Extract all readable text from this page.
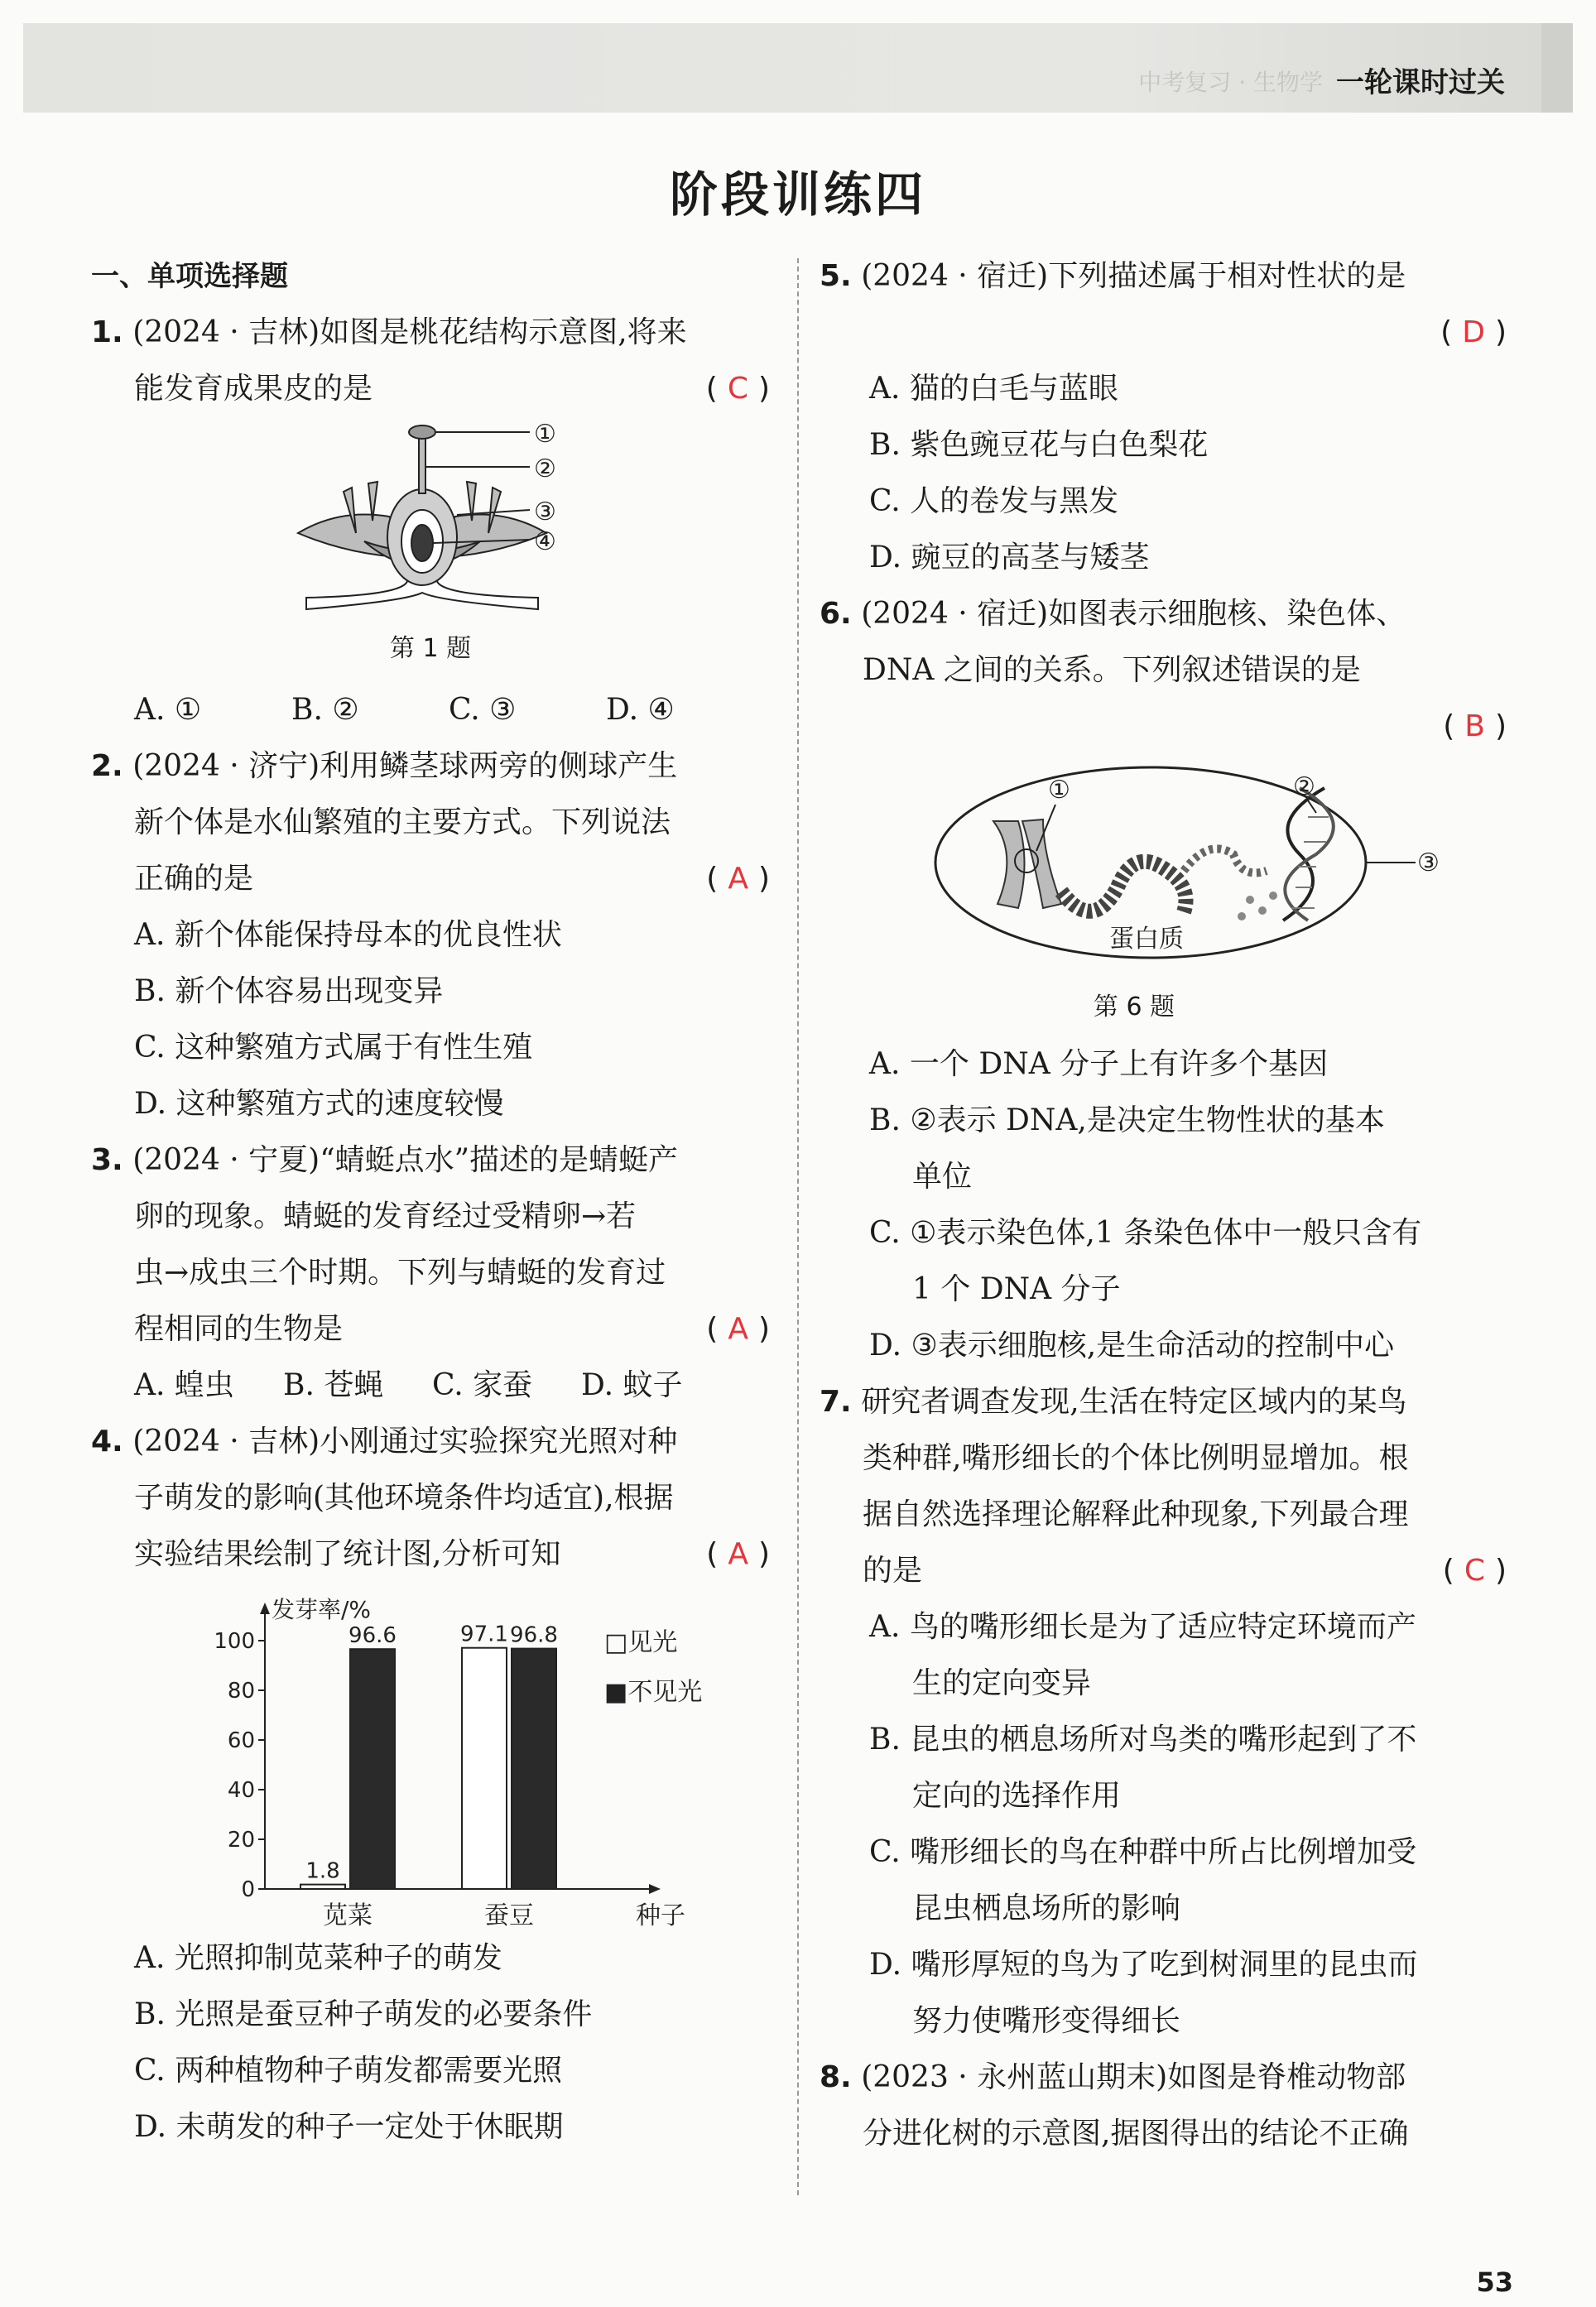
中考复习 · 生物学 一轮课时过关
阶段训练四
一、单项选择题
1. (2024 · 吉林)如图是桃花结构示意图,将来
能发育成果皮的是	( C )
①
②
③
④
第 1 题
A. ①	B. ②	C. ③	D. ④
2. (2024 · 济宁)利用鳞茎球两旁的侧球产生
新个体是水仙繁殖的主要方式。下列说法
正确的是	( A )
A. 新个体能保持母本的优良性状
B. 新个体容易出现变异
C. 这种繁殖方式属于有性生殖
D. 这种繁殖方式的速度较慢
3. (2024 · 宁夏)“蜻蜓点水”描述的是蜻蜓产
卵的现象。蜻蜓的发育经过受精卵→若
虫→成虫三个时期。下列与蜻蜓的发育过
程相同的生物是	( A )
A. 蝗虫 B. 苍蝇 C. 家蚕 D. 蚊子
4. (2024 · 吉林)小刚通过实验探究光照对种
子萌发的影响(其他环境条件均适宜),根据
实验结果绘制了统计图,分析可知	( A )
发芽率/%
种子
0
20
40
60
80
100
1.8
96.6
苋菜
97.1 96.8
蚕豆
□见光
■不见光
A. 光照抑制苋菜种子的萌发
B. 光照是蚕豆种子萌发的必要条件
C. 两种植物种子萌发都需要光照
D. 未萌发的种子一定处于休眠期
5. (2024 · 宿迁)下列描述属于相对性状的是
( D )
A. 猫的白毛与蓝眼
B. 紫色豌豆花与白色梨花
C. 人的卷发与黑发
D. 豌豆的高茎与矮茎
6. (2024 · 宿迁)如图表示细胞核、染色体、
DNA 之间的关系。下列叙述错误的是
( B )
①	②
③
蛋白质
第 6 题
A. 一个 DNA 分子上有许多个基因
B. ②表示 DNA,是决定生物性状的基本
单位
C. ①表示染色体,1 条染色体中一般只含有
1 个 DNA 分子
D. ③表示细胞核,是生命活动的控制中心
7. 研究者调查发现,生活在特定区域内的某鸟
类种群,嘴形细长的个体比例明显增加。根
据自然选择理论解释此种现象,下列最合理
的是	( C )
A. 鸟的嘴形细长是为了适应特定环境而产
生的定向变异
B. 昆虫的栖息场所对鸟类的嘴形起到了不
定向的选择作用
C. 嘴形细长的鸟在种群中所占比例增加受
昆虫栖息场所的影响
D. 嘴形厚短的鸟为了吃到树洞里的昆虫而
努力使嘴形变得细长
8. (2023 · 永州蓝山期末)如图是脊椎动物部
分进化树的示意图,据图得出的结论不正确
53
